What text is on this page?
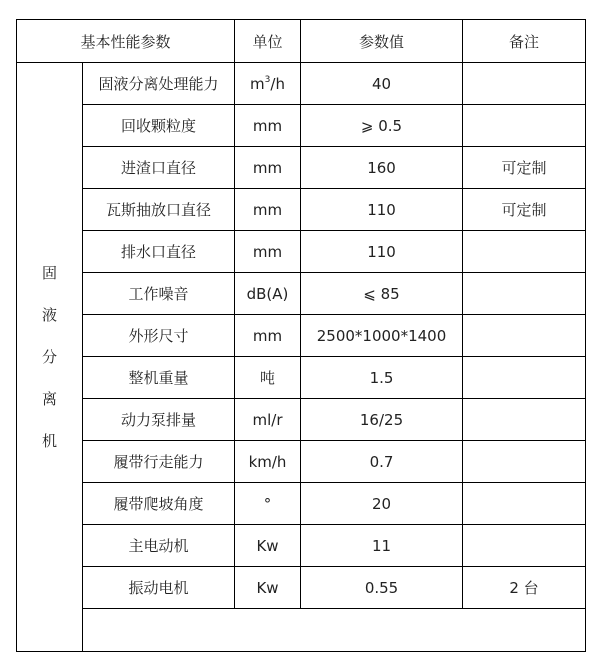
基本性能参数		单位	参数值	备注

固
液
分
离
机	固液分离处理能力	$m^3/h$	40	
	回收颗粒度	mm	⩾ 0.5	
	进渣口直径	mm	160	可定制
	瓦斯抽放口直径	mm	110	可定制
	排水口直径	mm	110	
	工作噪音	dB(A)	⩽ 85	
	外形尺寸	mm	2500*1000*1400	
	整机重量	吨	1.5	
	动力泵排量	ml/r	16/25	
	履带行走能力	km/h	0.7	
	履带爬坡角度	°	20	
	主电动机	Kw	11	
	振动电机	Kw	0.55	2 台
